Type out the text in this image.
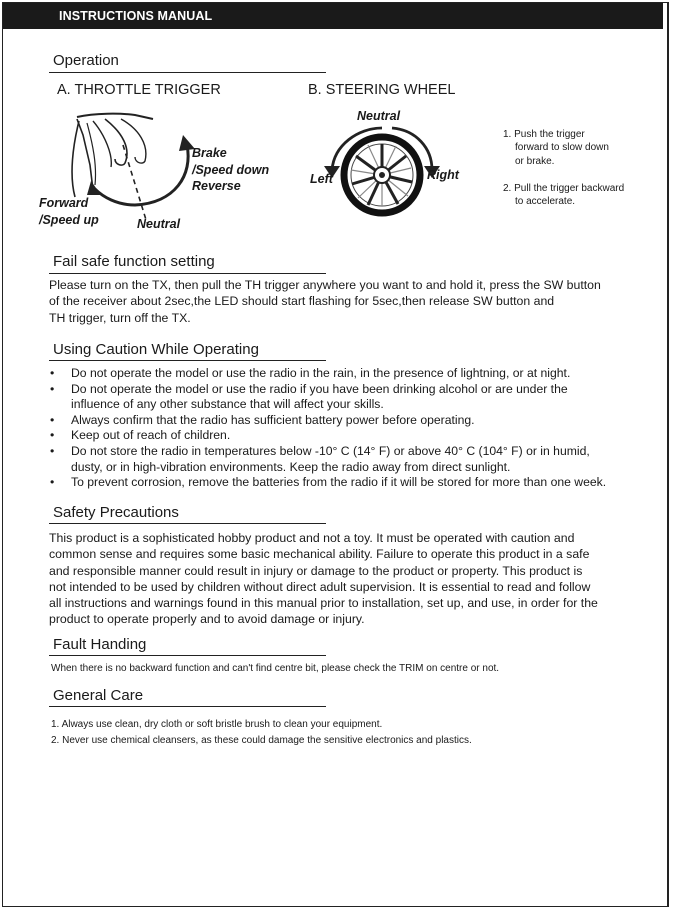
INSTRUCTIONS MANUAL
Operation
A. THROTTLE TRIGGER	B. STEERING WHEEL
Brake
/Speed down
Reverse
Forward
/Speed up	Neutral
Neutral
Left	Right
1. Push the trigger
forward to slow down
or brake.
2. Pull the trigger backward
to accelerate.
Fail safe function setting
Please turn on the TX, then pull the TH trigger anywhere you want to and hold it, press the SW button
of the receiver about 2sec,the LED should start flashing for 5sec,then release SW button and
TH trigger, turn off the TX.
Using Caution While Operating
• Do not operate the model or use the radio in the rain, in the presence of lightning, or at night.
• Do not operate the model or use the radio if you have been drinking alcohol or are under the
influence of any other substance that will affect your skills.
• Always confirm that the radio has sufficient battery power before operating.
• Keep out of reach of children.
• Do not store the radio in temperatures below -10° C (14° F) or above 40° C (104° F) or in humid,
dusty, or in high-vibration environments. Keep the radio away from direct sunlight.
• To prevent corrosion, remove the batteries from the radio if it will be stored for more than one week.
Safety Precautions
This product is a sophisticated hobby product and not a toy. It must be operated with caution and
common sense and requires some basic mechanical ability. Failure to operate this product in a safe
and responsible manner could result in injury or damage to the product or property. This product is
not intended to be used by children without direct adult supervision. It is essential to read and follow
all instructions and warnings found in this manual prior to installation, set up, and use, in order for the
product to operate properly and to avoid damage or injury.
Fault Handing
When there is no backward function and can't find centre bit, please check the TRIM on centre or not.
General Care
1. Always use clean, dry cloth or soft bristle brush to clean your equipment.
2. Never use chemical cleansers, as these could damage the sensitive electronics and plastics.
